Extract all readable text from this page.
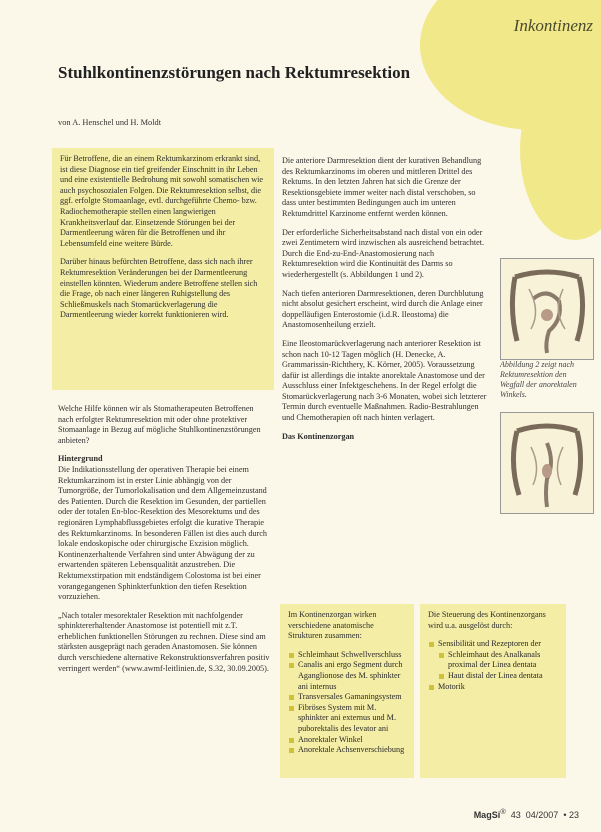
Inkontinenz
Stuhlkontinenzstörungen nach Rektumresektion
von A. Henschel und H. Moldt

Für Betroffene, die an einem Rektumkarzinom erkrankt sind, ist diese Diagnose ein tief greifender Einschnitt in ihr Leben und eine existentielle Bedrohung mit sowohl somatischen wie auch psychosozialen Folgen. Die Rektumresektion selbst, die ggf. erfolgte Stomaanlage, evtl. durchgeführte Chemo- bzw. Radiochemotherapie stellen einen langwierigen Krankheitsverlauf dar. Einsetzende Störungen bei der Darmentleerung wären für die Betroffenen und ihr Lebensumfeld eine weitere Bürde.

Darüber hinaus befürchten Betroffene, dass sich nach ihrer Rektumresektion Veränderungen bei der Darmentleerung einstellen könnten. Wiederum andere Betroffene stellen sich die Frage, ob nach einer längeren Ruhigstellung des Schließmuskels nach Stomarückverlagerung die Darmentleerung wieder korrekt funktionieren wird.

Welche Hilfe können wir als Stomatherapeuten Betroffenen nach erfolgter Rektumresektion mit oder ohne protektiver Stomaanlage in Bezug auf mögliche Stuhlkontinenzstörungen anbieten?

Hintergrund

Die Indikationsstellung der operativen Therapie bei einem Rektumkarzinom ist in erster Linie abhängig von der Tumorgröße, der Tumorlokalisation und dem Allgemeinzustand des Patienten. Durch die Resektion im Gesunden, der partiellen oder der totalen En-bloc-Resektion des Mesorektums und des regionären Lymphabflussgebietes erfolgt die kurative Therapie des Rektumkarzinoms. In besonderen Fällen ist dies auch durch lokale endoskopische oder chirurgische Exzision möglich. Kontinenzerhaltende Verfahren sind unter Abwägung der zu erwartenden späteren Lebensqualität anzustreben. Die Rektumexstirpation mit endständigem Colostoma ist bei einer vorangegangenen Sphinkterfunktion den tiefen Resektion vorzuziehen.

„Nach totaler mesorektaler Resektion mit nachfolgender sphinktererhaltender Anastomose ist potentiell mit z.T. erheblichen funktionellen Störungen zu rechnen. Diese sind am stärksten ausgeprägt nach geraden Anastomosen. Sie können durch verschiedene alternative Rekonstruktionsverfahren positiv verringert werden“ (www.awmf-leitlinien.de, S.32, 30.09.2005).

Die anteriore Darmresektion dient der kurativen Behandlung des Rektumkarzinoms im oberen und mittleren Drittel des Rektums. In den letzten Jahren hat sich die Grenze der Resektionsgebiete immer weiter nach distal verschoben, so dass unter bestimmten Bedingungen auch im unteren Rektumdrittel Karzinome entfernt werden können.

Der erforderliche Sicherheitsabstand nach distal von ein oder zwei Zentimetern wird inzwischen als ausreichend betrachtet. Durch die End-zu-End-Anastomosierung nach Rektumresektion wird die Kontinuität des Darms so wiederhergestellt (s. Abbildungen 1 und 2).

Nach tiefen anterioren Darmresektionen, deren Durchblutung nicht absolut gesichert erscheint, wird durch die Anlage einer doppelläufigen Enterostomie (i.d.R. Ileostoma) die Anastomosenheilung erzielt.

Eine Ileostomarückverlagerung nach anteriorer Resektion ist schon nach 10-12 Tagen möglich (H. Denecke, A. Grammarissin-Richthery, K. Körner, 2005). Voraussetzung dafür ist allerdings die intakte anorektale Anastomose und der Ausschluss einer Infektgeschehens. In der Regel erfolgt die Stomarückverlagerung nach 3-6 Monaten, wobei sich letzterer Termin durch eventuelle Maßnahmen. Radio-Bestrahlungen und Chemotherapien oft nach hinten verlagert.

Das Kontinenzorgan
Abbildung 2 zeigt nach Rektumresektion den Wegfall der anorektalen Winkels.

Im Kontinenzorgan wirken verschiedene anatomische Strukturen zusammen:

Schleimhaut Schwellverschluss
Canalis ani ergo Segment durch Aganglionose des M. sphinkter ani internus
Transversales Gamaningsystem
Fibröses System mit M. sphinkter ani externus und M. puborektalis des levator ani
Anorektaler Winkel
Anorektale Achsenverschiebung

Die Steuerung des Kontinenzorgans wird u.a. ausgelöst durch:

Sensibilität und Rezeptoren der
Schleimhaut des Analkanals proximal der Linea dentata
Haut distal der Linea dentata
Motorik
MagSi® 43 04/2007  • 23
